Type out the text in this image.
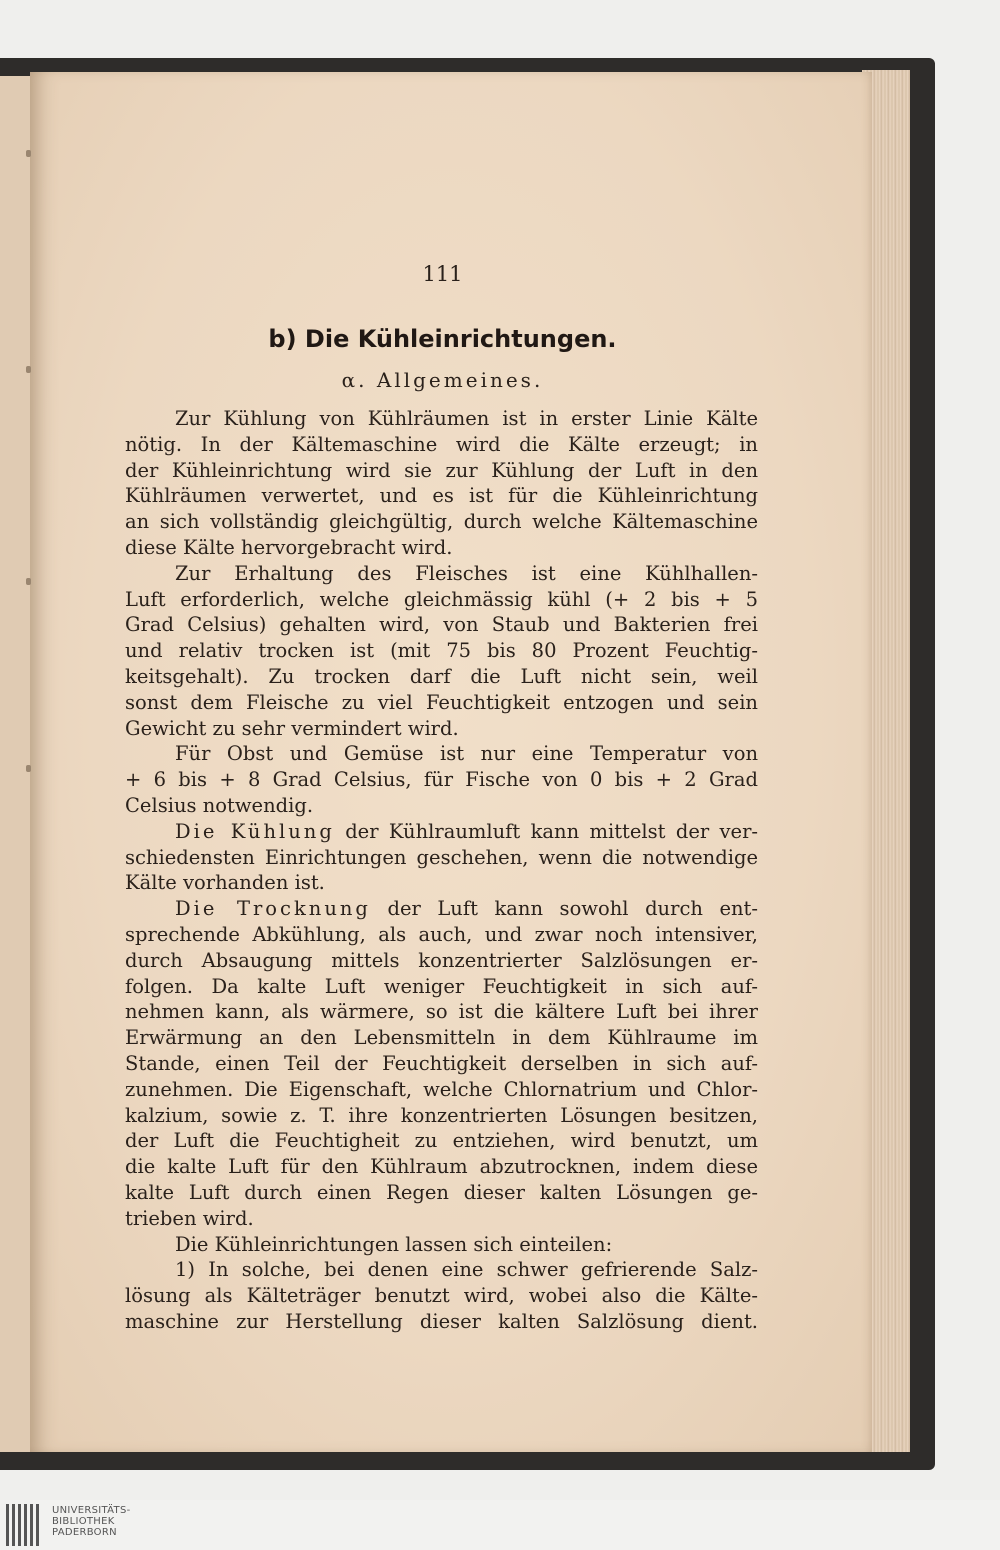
111
b) Die Kühleinrichtungen.
α. Allgemeines.
Zur Kühlung von Kühlräumen ist in erster Linie Kälte
nötig. In der Kältemaschine wird die Kälte erzeugt; in
der Kühleinrichtung wird sie zur Kühlung der Luft in den
Kühlräumen verwertet, und es ist für die Kühleinrichtung
an sich vollständig gleichgültig, durch welche Kältemaschine
diese Kälte hervorgebracht wird.
Zur Erhaltung des Fleisches ist eine Kühlhallen-
Luft erforderlich, welche gleichmässig kühl (+ 2 bis + 5
Grad Celsius) gehalten wird, von Staub und Bakterien frei
und relativ trocken ist (mit 75 bis 80 Prozent Feuchtig-
keitsgehalt). Zu trocken darf die Luft nicht sein, weil
sonst dem Fleische zu viel Feuchtigkeit entzogen und sein
Gewicht zu sehr vermindert wird.
Für Obst und Gemüse ist nur eine Temperatur von
+ 6 bis + 8 Grad Celsius, für Fische von 0 bis + 2 Grad
Celsius notwendig.
Die Kühlung der Kühlraumluft kann mittelst der ver-
schiedensten Einrichtungen geschehen, wenn die notwendige
Kälte vorhanden ist.
Die Trocknung der Luft kann sowohl durch ent-
sprechende Abkühlung, als auch, und zwar noch intensiver,
durch Absaugung mittels konzentrierter Salzlösungen er-
folgen. Da kalte Luft weniger Feuchtigkeit in sich auf-
nehmen kann, als wärmere, so ist die kältere Luft bei ihrer
Erwärmung an den Lebensmitteln in dem Kühlraume im
Stande, einen Teil der Feuchtigkeit derselben in sich auf-
zunehmen. Die Eigenschaft, welche Chlornatrium und Chlor-
kalzium, sowie z. T. ihre konzentrierten Lösungen besitzen,
der Luft die Feuchtigheit zu entziehen, wird benutzt, um
die kalte Luft für den Kühlraum abzutrocknen, indem diese
kalte Luft durch einen Regen dieser kalten Lösungen ge-
trieben wird.
Die Kühleinrichtungen lassen sich einteilen:
1) In solche, bei denen eine schwer gefrierende Salz-
lösung als Kälteträger benutzt wird, wobei also die Kälte-
maschine zur Herstellung dieser kalten Salzlösung dient.
UNIVERSITÄTS-
BIBLIOTHEK
PADERBORN
